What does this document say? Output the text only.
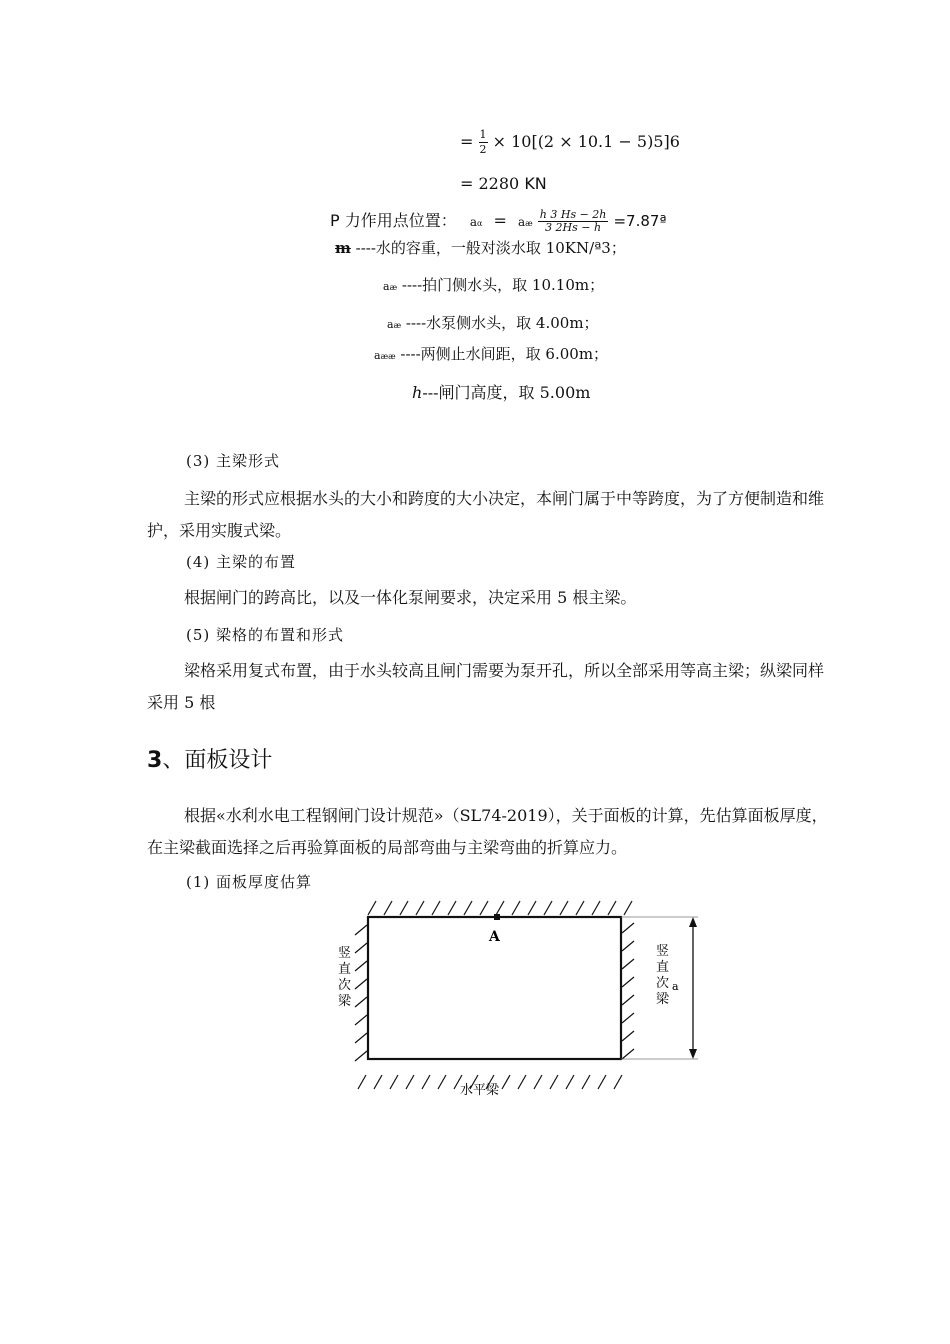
= $\frac{1}{2} \times 10[(2 \times 10.1 - 5)5]6$
= 2280 KN
P 力作用点位置： aα = aæ $\frac{h 3 Hs - 2h}{3 2Hs - h}$ =7.87ª
m ----水的容重，一般对淡水取 10KN/ª3；
aæ ----拍门侧水头，取 10.10m；
aæ ----水泵侧水头，取 4.00m；
aææ ----两侧止水间距，取 6.00m；
h---闸门高度，取 5.00m
(3) 主梁形式
主梁的形式应根据水头的大小和跨度的大小决定，本闸门属于中等跨度，为了方便制造和维护，采用实腹式梁。
(4) 主梁的布置
根据闸门的跨高比，以及一体化泵闸要求，决定采用 5 根主梁。
(5) 梁格的布置和形式
梁格采用复式布置，由于水头较高且闸门需要为泵开孔，所以全部采用等高主梁；纵梁同样采用 5 根
3、面板设计
根据«水利水电工程钢闸门设计规范»（SL74-2019），关于面板的计算，先估算面板厚度，在主梁截面选择之后再验算面板的局部弯曲与主梁弯曲的折算应力。
(1) 面板厚度估算
A
a
水平梁
竖直次梁
竖直次梁
